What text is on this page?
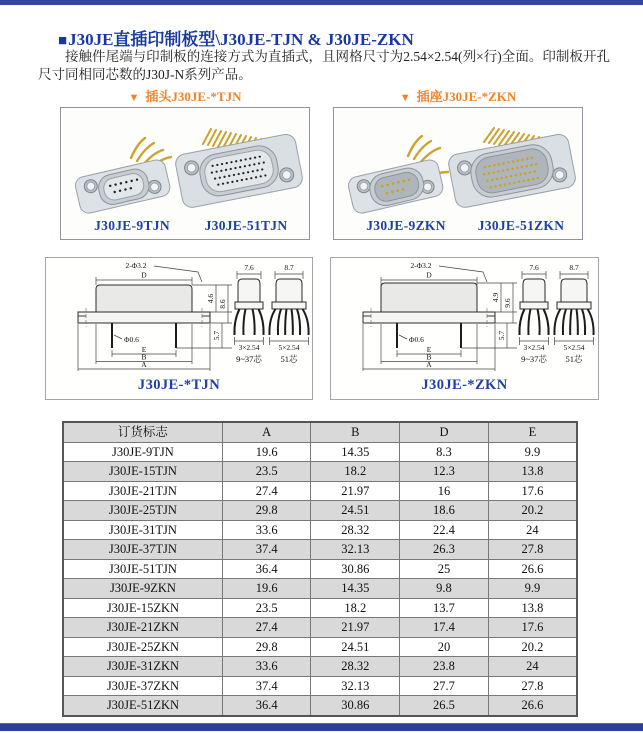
■J30JE直插印制板型\J30JE-TJN & J30JE-ZKN
接触件尾端与印制板的连接方式为直插式，且网格尺寸为2.54×2.54(列×行)全面。印制板开孔尺寸同相同芯数的J30J-N系列产品。
▼ 插头J30JE-*TJN	▼ 插座J30JE-*ZKN
J30JE-9TJN	J30JE-51TJN	J30JE-9ZKN	J30JE-51ZKN
2-Φ3.2
D
Φ0.6
E
B
A
4.6
8.6
5.7
7.6
3×2.54
9~37芯
8.7
5×2.54
51芯
J30JE-*TJN
2-Φ3.2
D
Φ0.6
E
B
A
4.9
9.6
5.7
7.6
3×2.54
9~37芯
8.7
5×2.54
51芯
J30JE-*ZKN
订货标志	A	B	D	E
J30JE-9TJN	19.6	14.35	8.3	9.9
J30JE-15TJN	23.5	18.2	12.3	13.8
J30JE-21TJN	27.4	21.97	16	17.6
J30JE-25TJN	29.8	24.51	18.6	20.2
J30JE-31TJN	33.6	28.32	22.4	24
J30JE-37TJN	37.4	32.13	26.3	27.8
J30JE-51TJN	36.4	30.86	25	26.6
J30JE-9ZKN	19.6	14.35	9.8	9.9
J30JE-15ZKN	23.5	18.2	13.7	13.8
J30JE-21ZKN	27.4	21.97	17.4	17.6
J30JE-25ZKN	29.8	24.51	20	20.2
J30JE-31ZKN	33.6	28.32	23.8	24
J30JE-37ZKN	37.4	32.13	27.7	27.8
J30JE-51ZKN	36.4	30.86	26.5	26.6
